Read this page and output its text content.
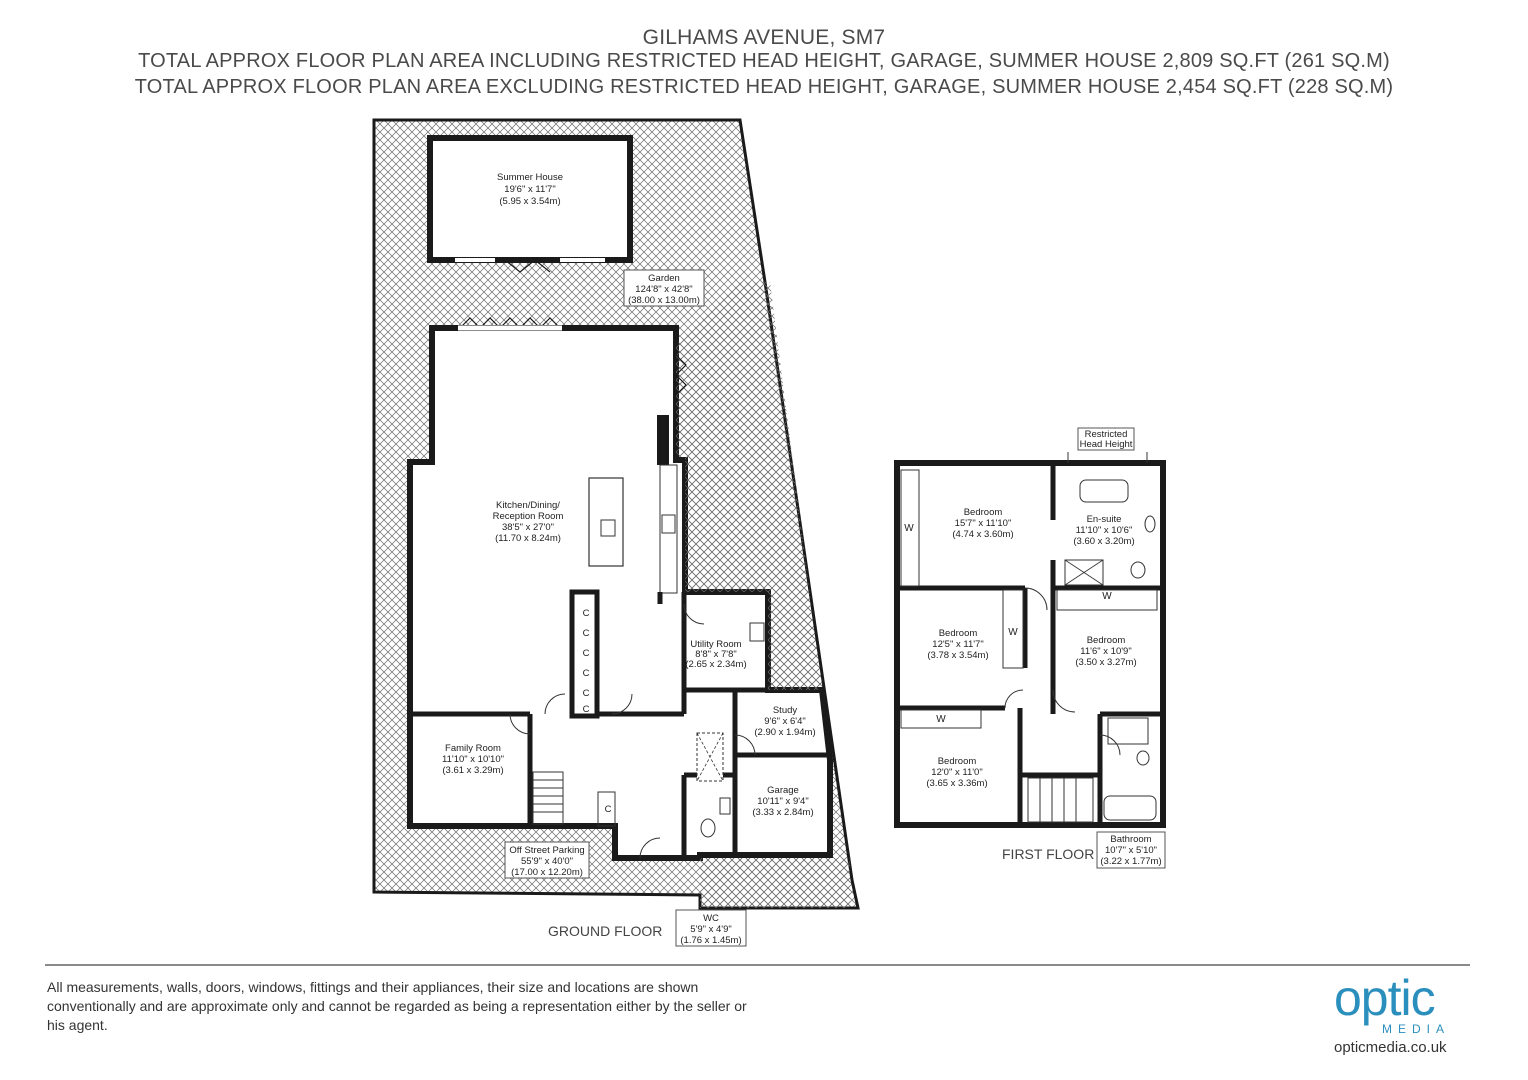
GILHAMS AVENUE, SM7
TOTAL APPROX FLOOR PLAN AREA INCLUDING RESTRICTED HEAD HEIGHT, GARAGE, SUMMER HOUSE 2,809 SQ.FT (261 SQ.M)
TOTAL APPROX FLOOR PLAN AREA EXCLUDING RESTRICTED HEAD HEIGHT, GARAGE, SUMMER HOUSE 2,454 SQ.FT (228 SQ.M)
C
C
C
C
C
C
C
Summer House
19'6" x 11'7"
(5.95 x 3.54m)
Garden
124'8" x 42'8"
(38.00 x 13.00m)
Kitchen/Dining/
Reception Room
38'5" x 27'0"
(11.70 x 8.24m)
Utility Room
8'8" x 7'8"
(2.65 x 2.34m)
Family Room
11'10" x 10'10"
(3.61 x 3.29m)
Study
9'6" x 6'4"
(2.90 x 1.94m)
Garage
10'11" x 9'4"
(3.33 x 2.84m)
Off Street Parking
55'9" x 40'0"
(17.00 x 12.20m)
WC
5'9" x 4'9"
(1.76 x 1.45m)
GROUND FLOOR
W
W
W
W
Restricted
Head Height
Bedroom
15'7" x 11'10"
(4.74 x 3.60m)
En-suite
11'10" x 10'6"
(3.60 x 3.20m)
Bedroom
12'5" x 11'7"
(3.78 x 3.54m)
Bedroom
11'6" x 10'9"
(3.50 x 3.27m)
Bedroom
12'0" x 11'0"
(3.65 x 3.36m)
Bathroom
10'7" x 5'10"
(3.22 x 1.77m)
FIRST FLOOR
All measurements, walls, doors, windows, fittings and their appliances, their size and locations are shown conventionally and are approximate only and cannot be regarded as being a representation either by the seller or his agent.	optic
MEDIA
opticmedia.co.uk
